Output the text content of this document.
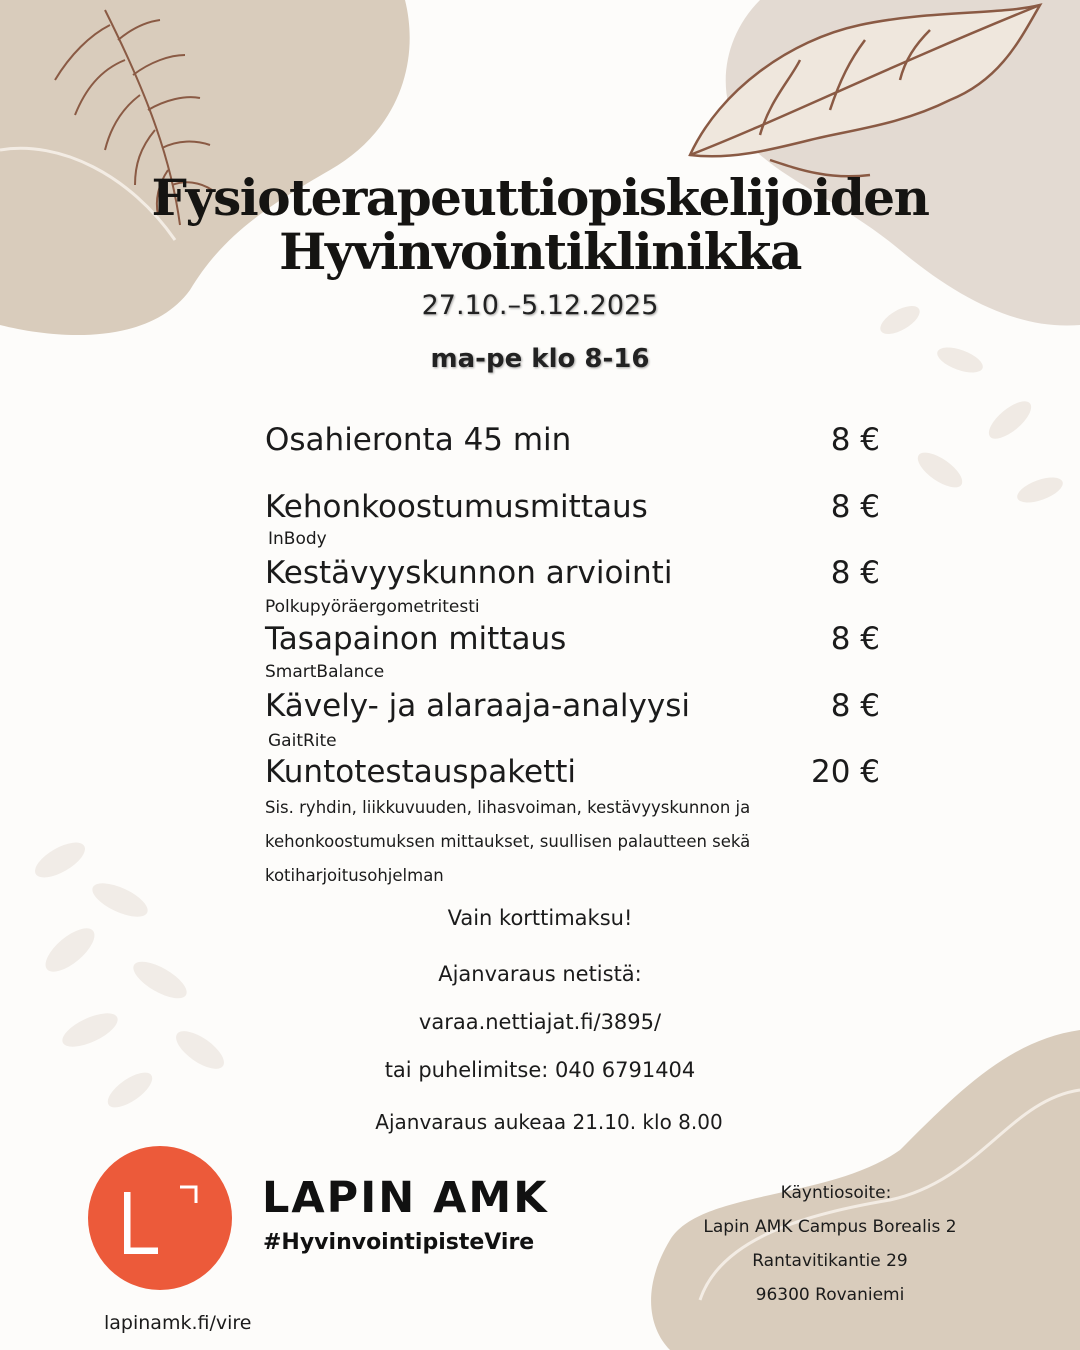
Fysioterapeuttiopiskelijoiden
Hyvinvointiklinikka
27.10.–5.12.2025
ma-pe klo 8-16
Osahieronta 45 min	8 €
Kehonkoostumusmittaus	8 €
InBody
Kestävyyskunnon arviointi	8 €
Polkupyöräergometritesti
Tasapainon mittaus	8 €
SmartBalance
Kävely- ja alaraaja-analyysi	8 €
GaitRite
Kuntotestauspaketti	20 €
Sis. ryhdin, liikkuvuuden, lihasvoiman, kestävyyskunnon ja
kehonkoostumuksen mittaukset, suullisen palautteen sekä
kotiharjoitusohjelman
Vain korttimaksu!
Ajanvaraus netistä:
varaa.nettiajat.fi/3895/
tai puhelimitse: 040 6791404
Ajanvaraus aukeaa 21.10. klo 8.00
LAPIN AMK
#HyvinvointipisteVire
lapinamk.fi/vire
Käyntiosoite:
Lapin AMK Campus Borealis 2
Rantavitikantie 29
96300 Rovaniemi
